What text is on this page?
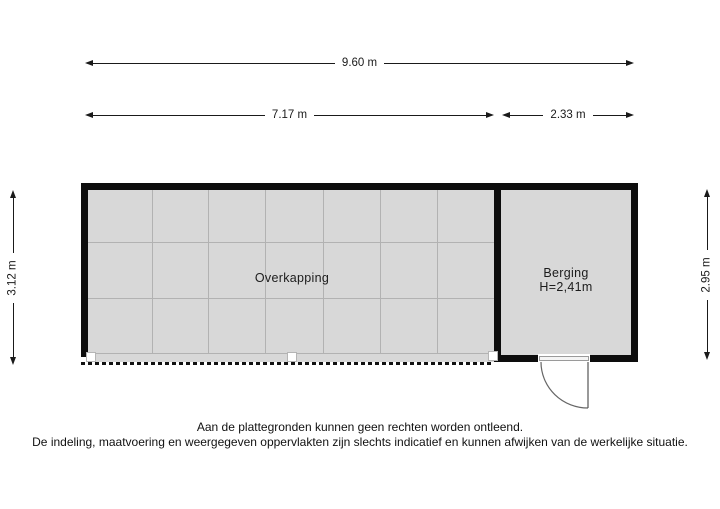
9.60 m
7.17 m	2.33 m
3.12 m	2.95 m
Overkapping	Berging
H=2,41m
Aan de plattegronden kunnen geen rechten worden ontleend.
De indeling, maatvoering en weergegeven oppervlakten zijn slechts indicatief en kunnen afwijken van de werkelijke situatie.
